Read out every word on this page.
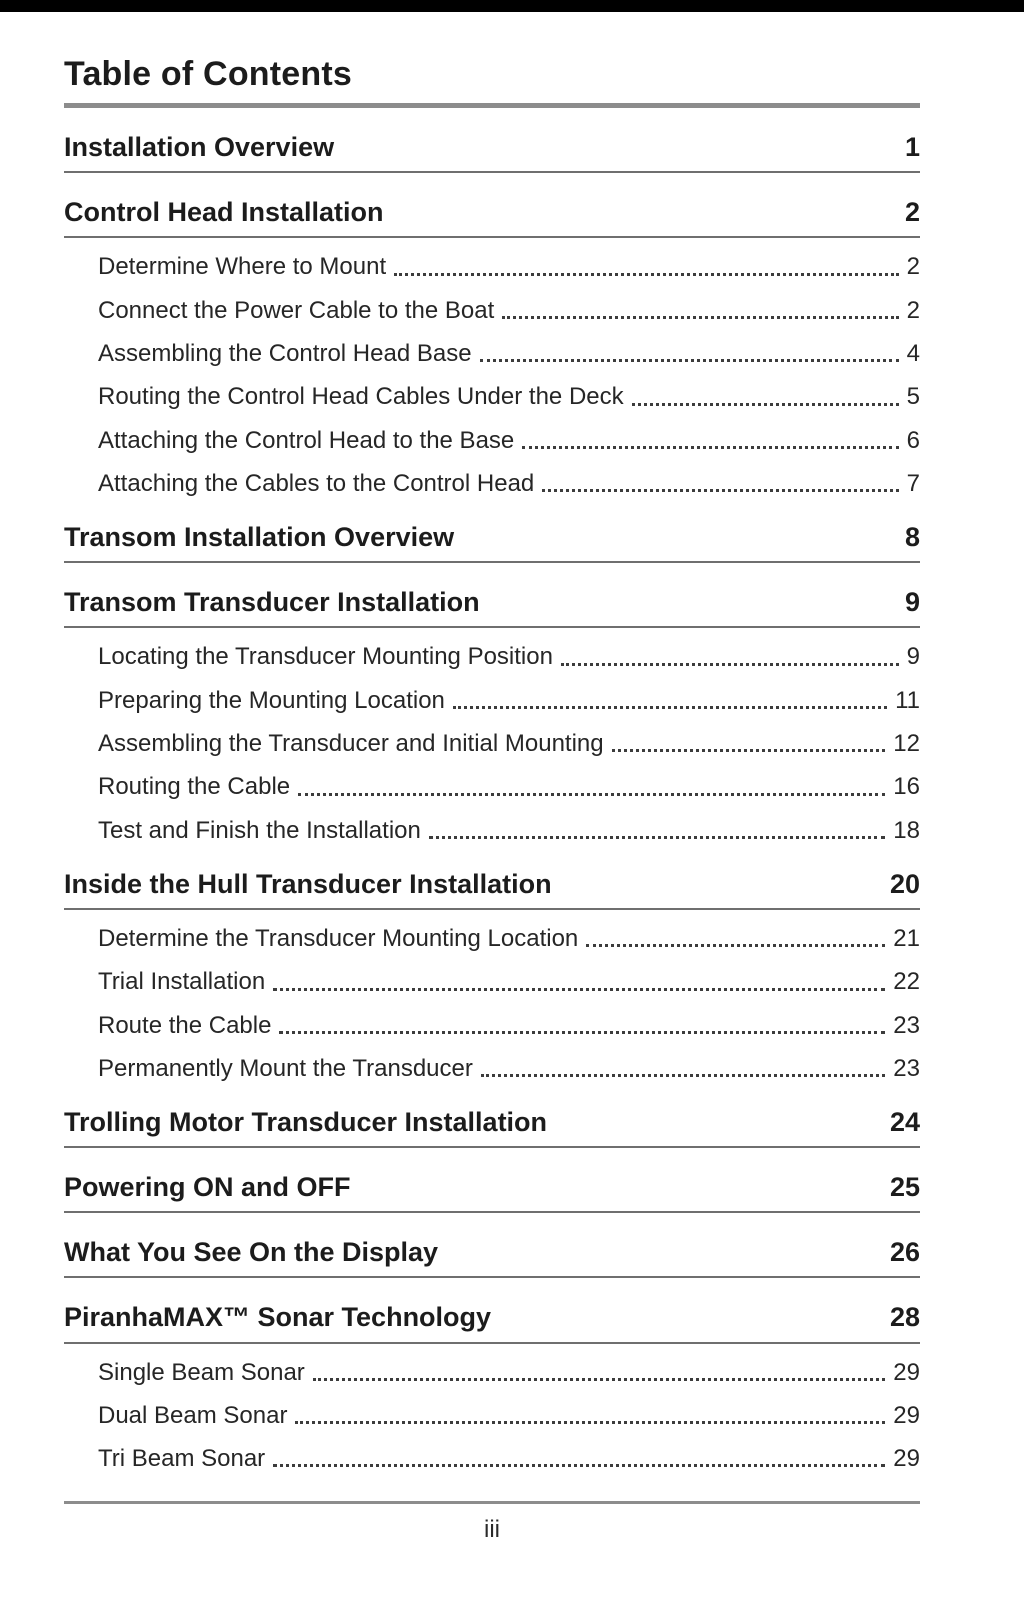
Table of Contents
Installation Overview	1
Control Head Installation	2
Determine Where to Mount	2
Connect the Power Cable to the Boat	2
Assembling the Control Head Base	4
Routing the Control Head Cables Under the Deck	5
Attaching the Control Head to the Base	6
Attaching the Cables to the Control Head	7
Transom Installation Overview	8
Transom Transducer Installation	9
Locating the Transducer Mounting Position	9
Preparing the Mounting Location	11
Assembling the Transducer and Initial Mounting	12
Routing the Cable	16
Test and Finish the Installation	18
Inside the Hull Transducer Installation	20
Determine the Transducer Mounting Location	21
Trial Installation	22
Route the Cable	23
Permanently Mount the Transducer	23
Trolling Motor Transducer Installation	24
Powering ON and OFF	25
What You See On the Display	26
PiranhaMAX™ Sonar Technology	28
Single Beam Sonar	29
Dual Beam Sonar	29
Tri Beam Sonar	29
iii
